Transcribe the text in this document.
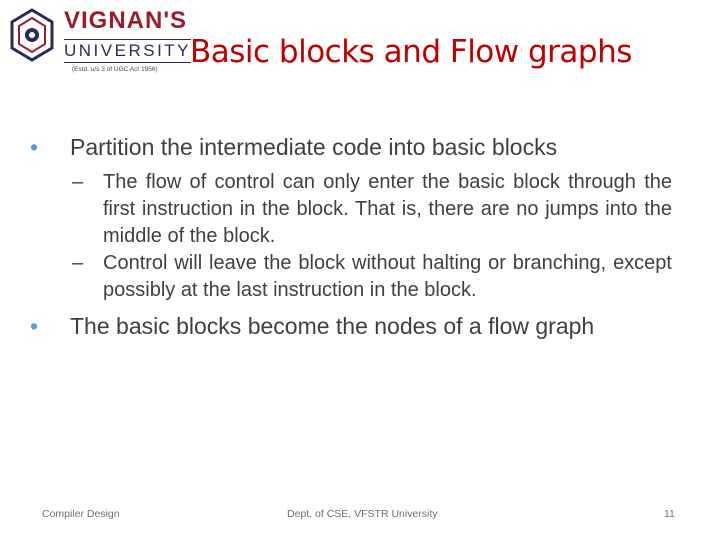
VIGNAN'S
UNIVERSITY
(Estd. u/s 3 of UGC Act 1956) Basic blocks and Flow graphs
• Partition the intermediate code into basic blocks
– The flow of control can only enter the basic block through the first instruction in the block. That is, there are no jumps into the middle of the block.
– Control will leave the block without halting or branching, except possibly at the last instruction in the block.
• The basic blocks become the nodes of a flow graph
Compiler Design	Dept. of CSE, VFSTR University	11
